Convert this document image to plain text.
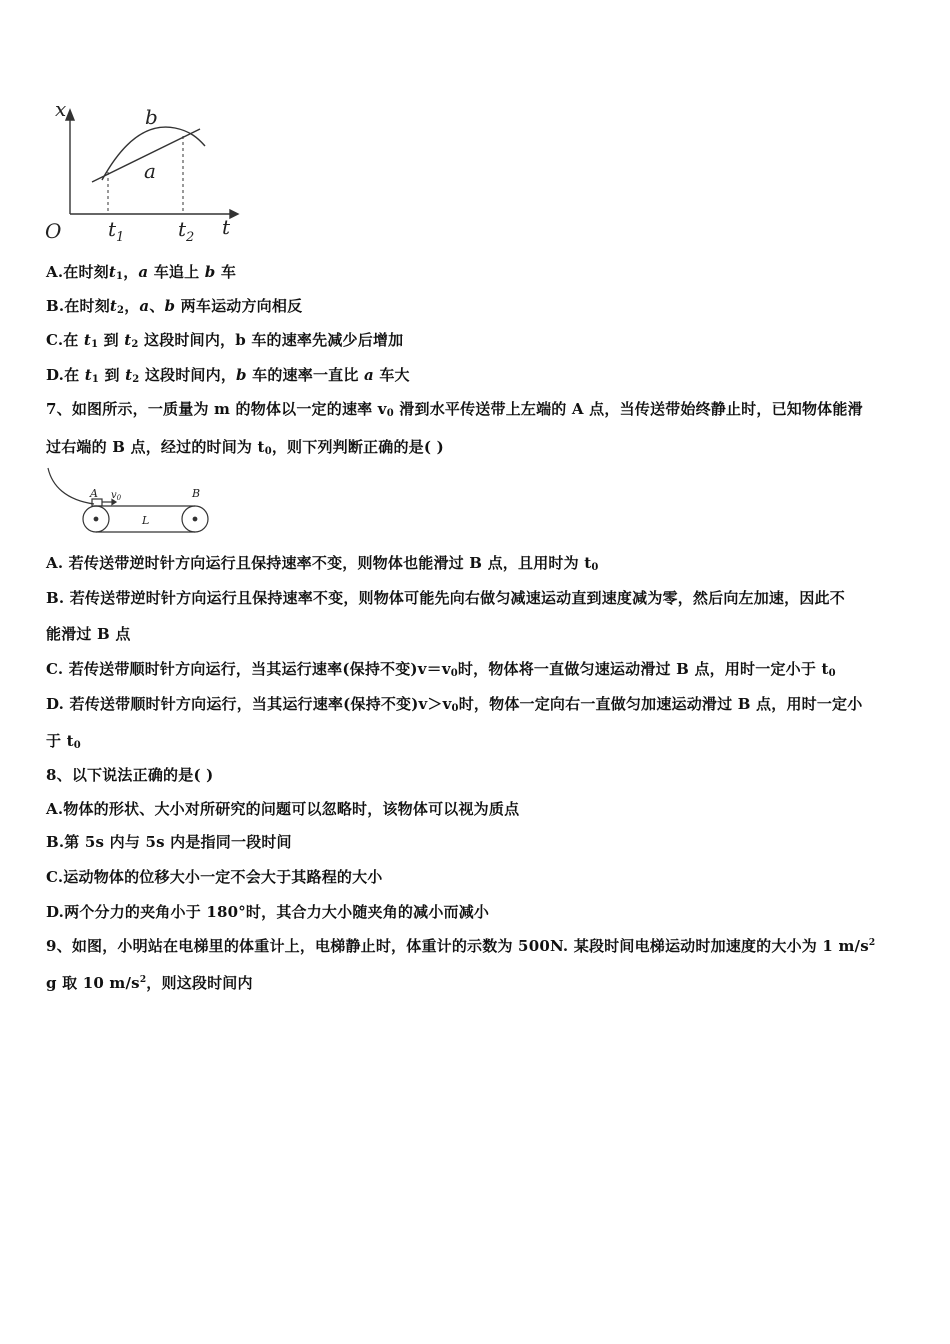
x	b
a
O $t_1$	$t_2$ t
A.在时刻$t_1$，a 车追上 b 车
B.在时刻$t_2$，a、b 两车运动方向相反
C.在 $t_1$ 到 $t_2$ 这段时间内，b 车的速率先减少后增加
D.在 $t_1$ 到 $t_2$ 这段时间内，b 车的速率一直比 a 车大
7、如图所示，一质量为 m 的物体以一定的速率 $v_0$ 滑到水平传送带上左端的 A 点，当传送带始终静止时，已知物体能滑
过右端的 B 点，经过的时间为 $t_0$，则下列判断正确的是( )
A $v_0$	B
L
A. 若传送带逆时针方向运行且保持速率不变，则物体也能滑过 B 点，且用时为 $t_0$
B. 若传送带逆时针方向运行且保持速率不变，则物体可能先向右做匀减速运动直到速度减为零，然后向左加速，因此不
能滑过 B 点
C. 若传送带顺时针方向运行，当其运行速率(保持不变)$v=v_0$时，物体将一直做匀速运动滑过 B 点，用时一定小于 $t_0$
D. 若传送带顺时针方向运行，当其运行速率(保持不变)$v>v_0$时，物体一定向右一直做匀加速运动滑过 B 点，用时一定小
于 $t_0$
8、以下说法正确的是( )
A.物体的形状、大小对所研究的问题可以忽略时，该物体可以视为质点
B.第 5s 内与 5s 内是指同一段时间
C.运动物体的位移大小一定不会大于其路程的大小
D.两个分力的夹角小于 180°时，其合力大小随夹角的减小而减小
9、如图，小明站在电梯里的体重计上，电梯静止时，体重计的示数为 500N. 某段时间电梯运动时加速度的大小为 1 $m/s^2$
g 取 10 $m/s^2$，则这段时间内
